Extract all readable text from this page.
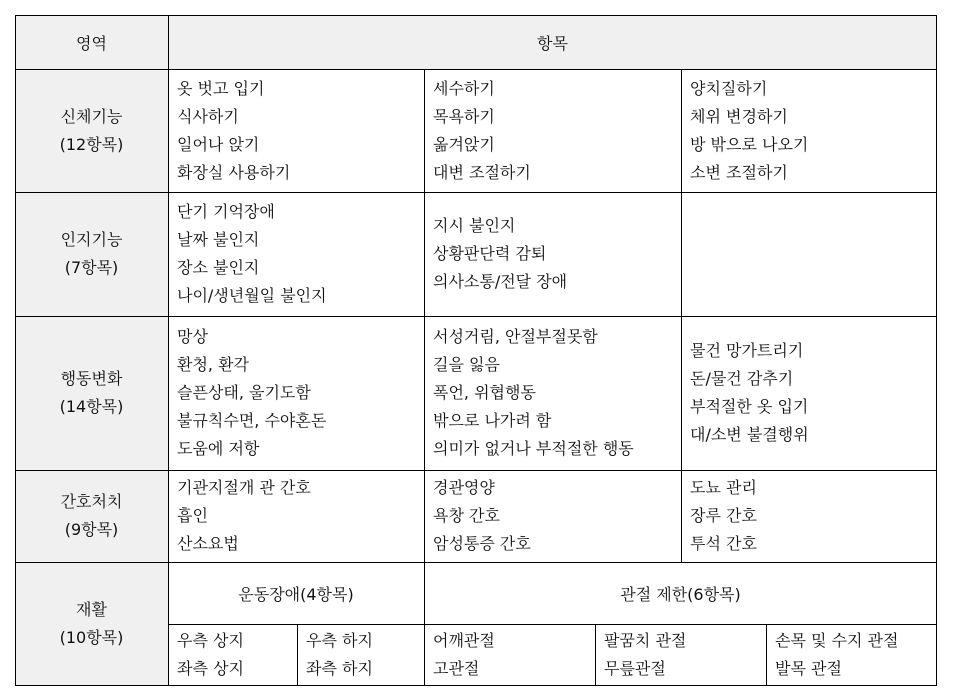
영역	항목
신체기능
(12항목)
옷 벗고 입기
식사하기
일어나 앉기
화장실 사용하기
세수하기
목욕하기
옮겨앉기
대변 조절하기
양치질하기
체위 변경하기
방 밖으로 나오기
소변 조절하기
인지기능
(7항목)
단기 기억장애
날짜 불인지
장소 불인지
나이/생년월일 불인지
지시 불인지
상황판단력 감퇴
의사소통/전달 장애
행동변화
(14항목)
망상
환청, 환각
슬픈상태, 울기도함
불규칙수면, 수야혼돈
도움에 저항
서성거림, 안절부절못함
길을 잃음
폭언, 위협행동
밖으로 나가려 함
의미가 없거나 부적절한 행동
물건 망가트리기
돈/물건 감추기
부적절한 옷 입기
대/소변 불결행위
간호처치
(9항목)
기관지절개 관 간호
흡인
산소요법
경관영양
욕창 간호
암성통증 간호
도뇨 관리
장루 간호
투석 간호
재활
(10항목)
운동장애(4항목)	관절 제한(6항목)
우측 상지
좌측 상지
우측 하지
좌측 하지
어깨관절
고관절
팔꿈치 관절
무릎관절
손목 및 수지 관절
발목 관절
